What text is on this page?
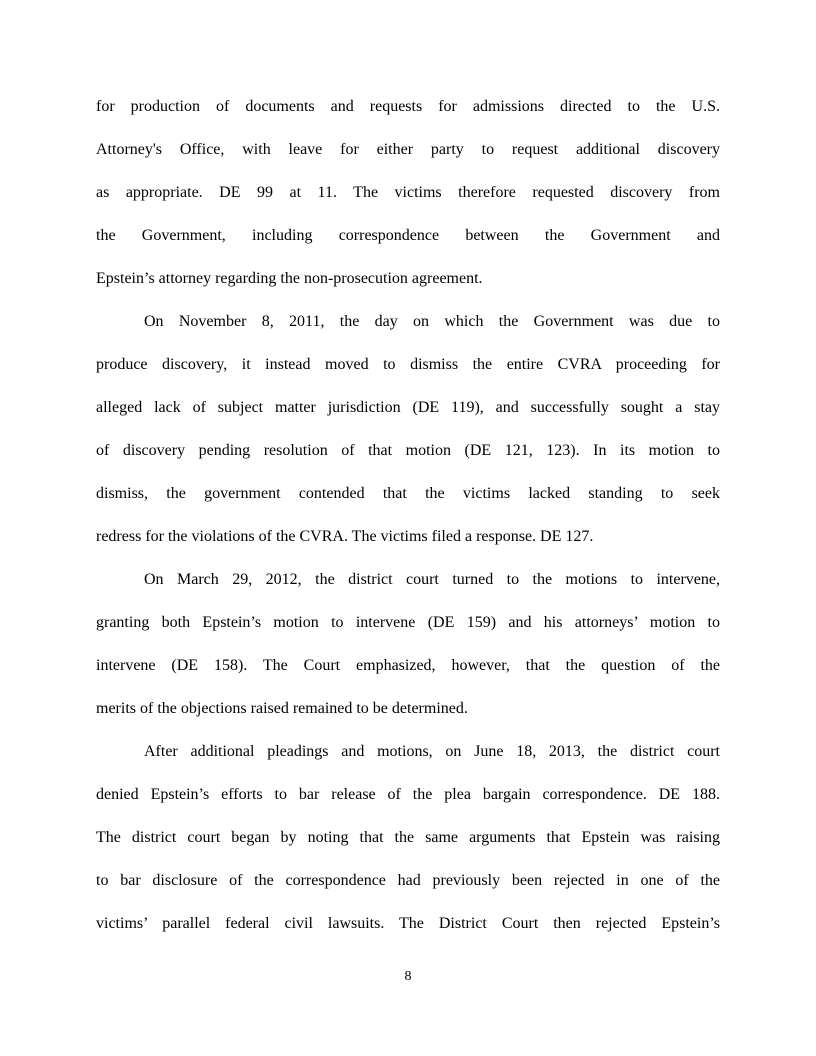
for production of documents and requests for admissions directed to the U.S.
Attorney's Office, with leave for either party to request additional discovery
as appropriate. DE 99 at 11. The victims therefore requested discovery from
the Government, including correspondence between the Government and
Epstein’s attorney regarding the non-prosecution agreement.
On November 8, 2011, the day on which the Government was due to
produce discovery, it instead moved to dismiss the entire CVRA proceeding for
alleged lack of subject matter jurisdiction (DE 119), and successfully sought a stay
of discovery pending resolution of that motion (DE 121, 123). In its motion to
dismiss, the government contended that the victims lacked standing to seek
redress for the violations of the CVRA. The victims filed a response. DE 127.
On March 29, 2012, the district court turned to the motions to intervene,
granting both Epstein’s motion to intervene (DE 159) and his attorneys’ motion to
intervene (DE 158). The Court emphasized, however, that the question of the
merits of the objections raised remained to be determined.
After additional pleadings and motions, on June 18, 2013, the district court
denied Epstein’s efforts to bar release of the plea bargain correspondence. DE 188.
The district court began by noting that the same arguments that Epstein was raising
to bar disclosure of the correspondence had previously been rejected in one of the
victims’ parallel federal civil lawsuits. The District Court then rejected Epstein’s
8
